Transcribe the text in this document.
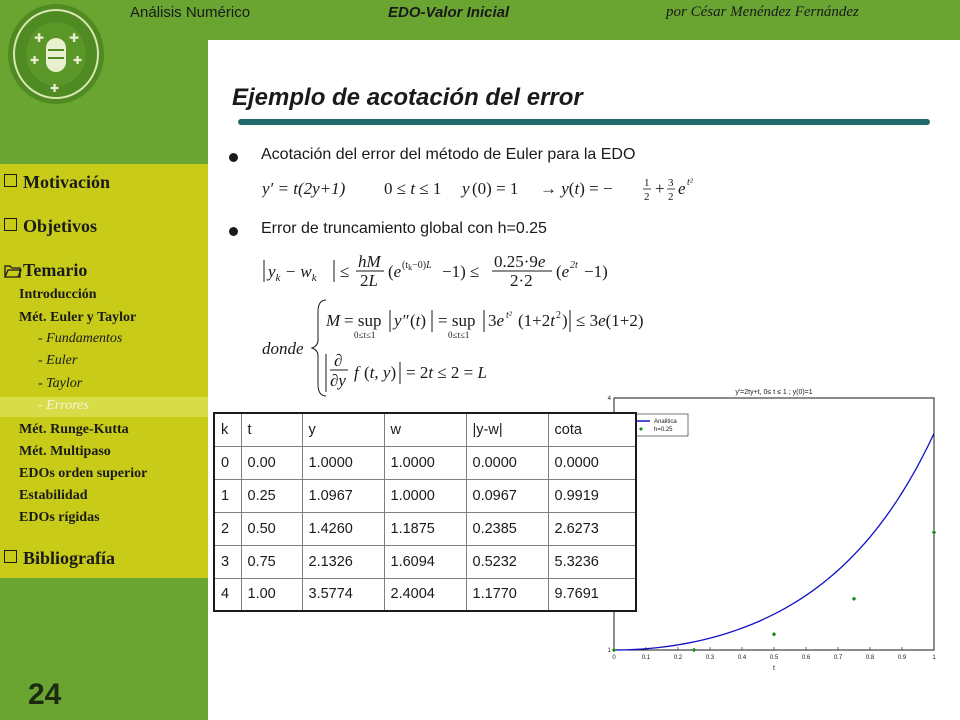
✚ ✚
✚	✚
✚
Análisis Numérico	EDO-Valor Inicial	por César Menéndez Fernández
Motivación
Objetivos
Temario
Introducción
Mét. Euler y Taylor
- Fundamentos
- Euler
- Taylor
- Errores
Mét. Runge-Kutta
Mét. Multipaso
EDOs orden superior
Estabilidad
EDOs rígidas
Bibliografía
24
Ejemplo de acotación del error
Acotación del error del método de Euler para la EDO
y′ = t(2y+1) 0 ≤ t ≤ 1 y (0) = 1 → y(t) = −	1
2 + 3
2 e t²
Error de truncamiento global con h=0.25
$y_k - w_k$ ≤
hM
2L (e $(t_k-0)L -1$) ≤
0.25·9e
2·2 (e 2t −1)
donde
M = sup
0≤t≤1
y″ (t) = sup
0≤t≤1
3e t² (1+2t 2 ) ≤ 3e(1+2)
∂
∂y f (t, y) = 2t ≤ 2 = L
y'=2ty+t, 0≤ t ≤ 1 ; y(0)=1
0	0.1	0.2	0.3	0.4	0.5	0.6	0.7	0.8	0.9	1
1
4
t
Analitica
h=0.25
k	t	y	w	|y-w|	cota
0	0.00	1.0000	1.0000	0.0000	0.0000
1	0.25	1.0967	1.0000	0.0967	0.9919
2	0.50	1.4260	1.1875	0.2385	2.6273
3	0.75	2.1326	1.6094	0.5232	5.3236
4	1.00	3.5774	2.4004	1.1770	9.7691
